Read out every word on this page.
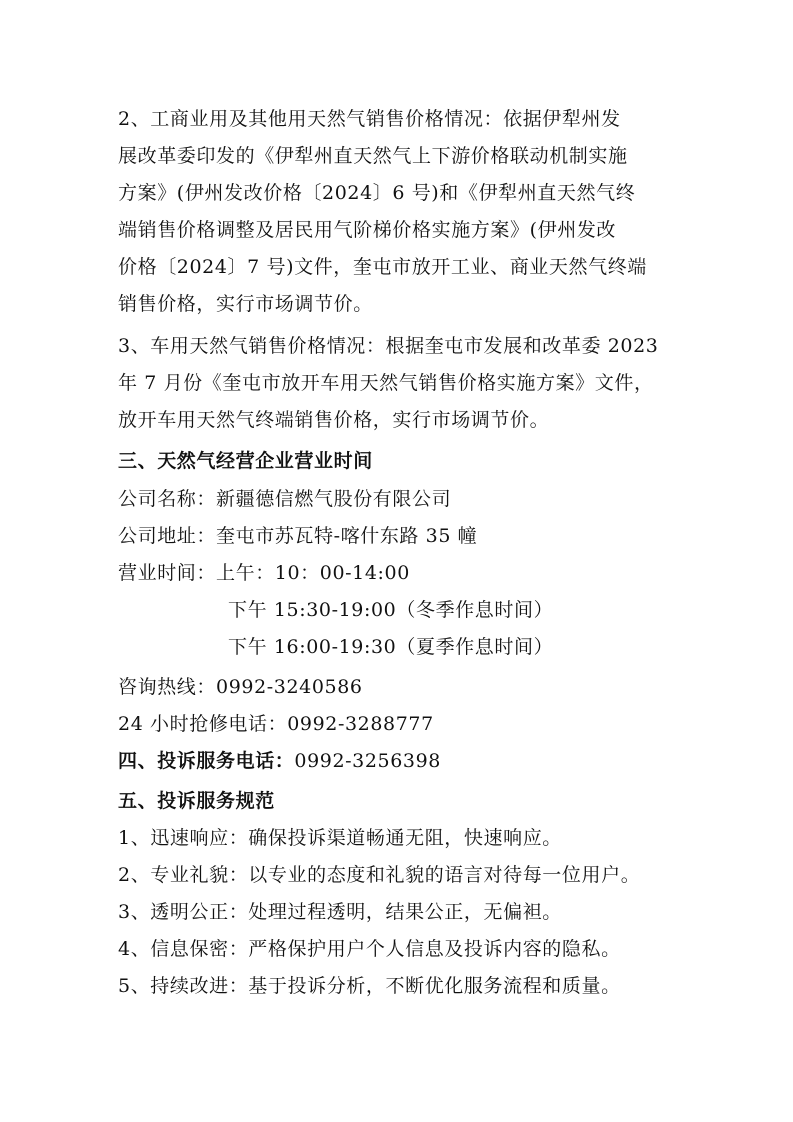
2、工商业用及其他用天然气销售价格情况：依据伊犁州发
展改革委印发的《伊犁州直天然气上下游价格联动机制实施
方案》(伊州发改价格〔2024〕6 号)和《伊犁州直天然气终
端销售价格调整及居民用气阶梯价格实施方案》(伊州发改
价格〔2024〕7 号)文件，奎屯市放开工业、商业天然气终端
销售价格，实行市场调节价。
3、车用天然气销售价格情况：根据奎屯市发展和改革委 2023
年 7 月份《奎屯市放开车用天然气销售价格实施方案》文件，
放开车用天然气终端销售价格，实行市场调节价。
三、天然气经营企业营业时间
公司名称：新疆德信燃气股份有限公司
公司地址：奎屯市苏瓦特-喀什东路 35 幢
营业时间：上午：10：00-14:00
下午 15:30-19:00（冬季作息时间）
下午 16:00-19:30（夏季作息时间）
咨询热线：0992-3240586
24 小时抢修电话：0992-3288777
四、投诉服务电话：0992-3256398
五、投诉服务规范
1、迅速响应：确保投诉渠道畅通无阻，快速响应。
2、专业礼貌：以专业的态度和礼貌的语言对待每一位用户。
3、透明公正：处理过程透明，结果公正，无偏袒。
4、信息保密：严格保护用户个人信息及投诉内容的隐私。
5、持续改进：基于投诉分析，不断优化服务流程和质量。
